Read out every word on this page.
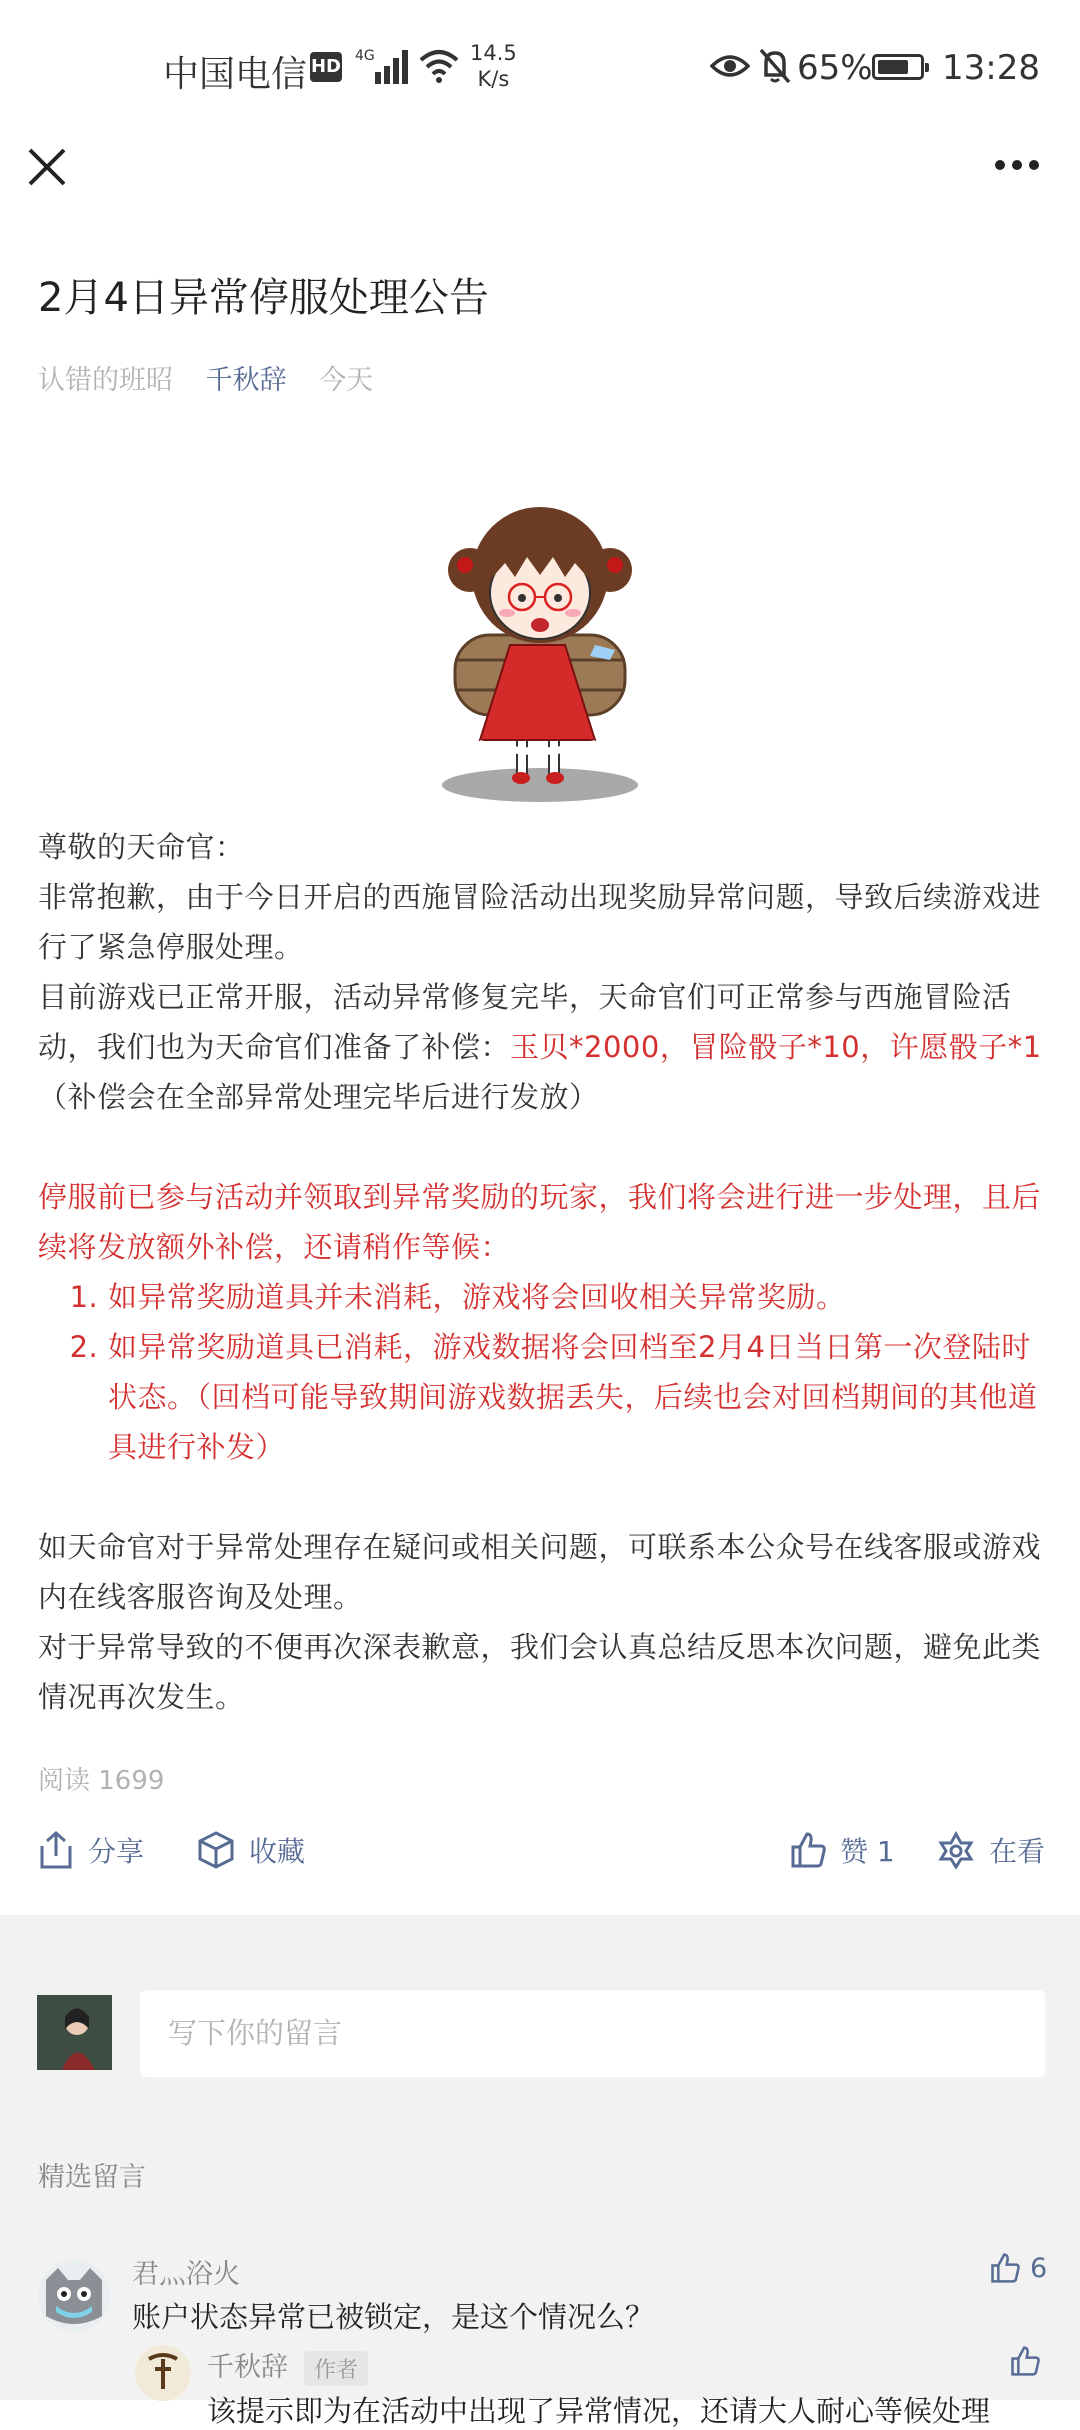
中国电信 HD 4G	14.5
K/s	65% 13:28
2月4日异常停服处理公告
认错的班昭 千秋辞 今天

尊敬的天命官：

非常抱歉，由于今日开启的西施冒险活动出现奖励异常问题，导致后续游戏进行了紧急停服处理。

目前游戏已正常开服，活动异常修复完毕，天命官们可正常参与西施冒险活动，我们也为天命官们准备了补偿：玉贝*2000，冒险骰子*10，许愿骰子*1（补偿会在全部异常处理完毕后进行发放）

停服前已参与活动并领取到异常奖励的玩家，我们将会进行进一步处理，且后续将发放额外补偿，还请稍作等候：

1. 如异常奖励道具并未消耗，游戏将会回收相关异常奖励。
2. 如异常奖励道具已消耗，游戏数据将会回档至2月4日当日第一次登陆时状态。（回档可能导致期间游戏数据丢失，后续也会对回档期间的其他道具进行补发）

如天命官对于异常处理存在疑问或相关问题，可联系本公众号在线客服或游戏内在线客服咨询及处理。

对于异常导致的不便再次深表歉意，我们会认真总结反思本次问题，避免此类情况再次发生。

阅读 1699
分享	收藏	赞 1	在看
写下你的留言
精选留言
君灬浴火
账户状态异常已被锁定，是这个情况么？
6
千秋辞 作者
该提示即为在活动中出现了异常情况，还请大人耐心等候处理
